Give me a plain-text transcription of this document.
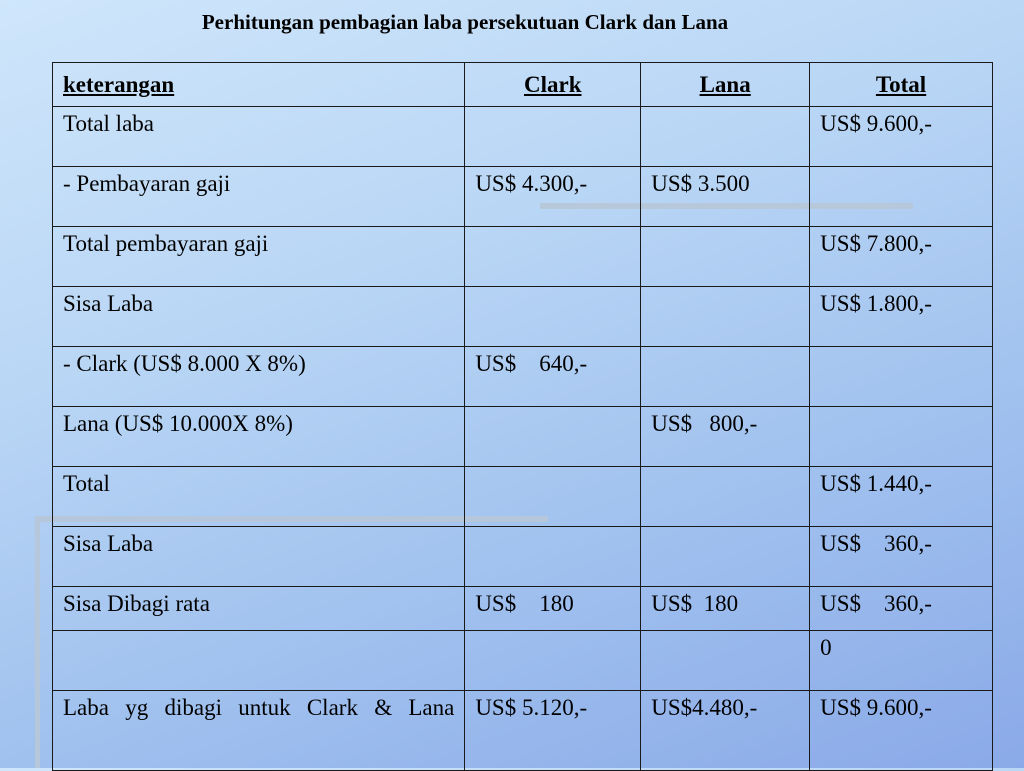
Perhitungan pembagian laba persekutuan Clark dan Lana
keterangan	Clark	Lana	Total
Total laba			US$ 9.600,-
- Pembayaran gaji	US$ 4.300,-	US$ 3.500	
Total pembayaran gaji			US$ 7.800,-
Sisa Laba			US$ 1.800,-
- Clark (US$ 8.000 X 8%)	US$    640,-		
Lana (US$ 10.000X 8%)		US$   800,-	
Total			US$ 1.440,-
Sisa Laba			US$    360,-
Sisa Dibagi rata	US$    180	US$  180	US$    360,-
			0
Laba yg dibagi untuk Clark & Lana	US$ 5.120,-	US$4.480,-	US$ 9.600,-
